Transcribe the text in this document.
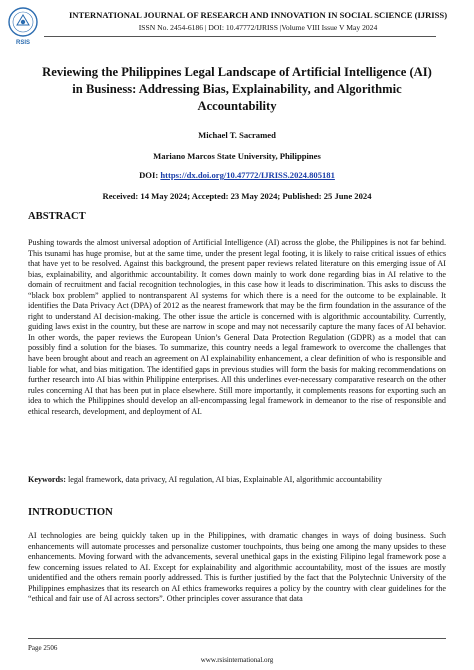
RSIS
INTERNATIONAL JOURNAL OF RESEARCH AND INNOVATION IN SOCIAL SCIENCE (IJRISS)
ISSN No. 2454-6186 | DOI: 10.47772/IJRISS |Volume VIII Issue V May 2024
Reviewing the Philippines Legal Landscape of Artificial Intelligence (AI) in Business: Addressing Bias, Explainability, and Algorithmic Accountability
Michael T. Sacramed
Mariano Marcos State University, Philippines
DOI: https://dx.doi.org/10.47772/IJRISS.2024.805181
Received: 14 May 2024; Accepted: 23 May 2024; Published: 25 June 2024
ABSTRACT

Pushing towards the almost universal adoption of Artificial Intelligence (AI) across the globe, the Philippines is not far behind. This tsunami has huge promise, but at the same time, under the present legal footing, it is likely to raise critical issues of ethics that have yet to be resolved. Against this background, the present paper reviews related literature on this emerging issue of AI bias, explainability, and algorithmic accountability. It comes down mainly to work done regarding bias in AI relative to the domain of recruitment and facial recognition technologies, in this case how it leads to discrimination. This asks to discuss the “black box problem” applied to nontransparent AI systems for which there is a need for the outcome to be explainable. It identifies the Data Privacy Act (DPA) of 2012 as the nearest framework that may be the firm foundation in the assurance of the right to understand AI decision-making. The other issue the article is concerned with is algorithmic accountability. Currently, guiding laws exist in the country, but these are narrow in scope and may not necessarily capture the many faces of AI behavior. In other words, the paper reviews the European Union’s General Data Protection Regulation (GDPR) as a model that can possibly find a solution for the biases. To summarize, this country needs a legal framework to overcome the challenges that have been brought about and reach an agreement on AI explainability enhancement, a clear definition of who is responsible and liable for what, and bias mitigation. The identified gaps in previous studies will form the basis for making recommendations on further research into AI bias within Philippine enterprises. All this underlines ever-necessary comparative research on the other rules concerning AI that has been put in place elsewhere. Still more importantly, it complements reasons for exporting such an idea to which the Philippines should develop an all-encompassing legal framework in demeanor to the rise of responsible and ethical research, development, and deployment of AI.

Keywords: legal framework, data privacy, AI regulation, AI bias, Explainable AI, algorithmic accountability
INTRODUCTION

AI technologies are being quickly taken up in the Philippines, with dramatic changes in ways of doing business. Such enhancements will automate processes and personalize customer touchpoints, thus being one among the many upsides to these enhancements. Moving forward with the advancements, several unethical gaps in the existing Filipino legal framework pose a few concerning issues related to AI. Except for explainability and algorithmic accountability, most of the issues are mostly unidentified and the others remain poorly addressed. This is further justified by the fact that the Polytechnic University of the Philippines emphasizes that its research on AI ethics frameworks requires a policy by the country with clear guidelines for the “ethical and fair use of AI across sectors”. Other principles cover assurance that data

Page 2506
www.rsisinternational.org
